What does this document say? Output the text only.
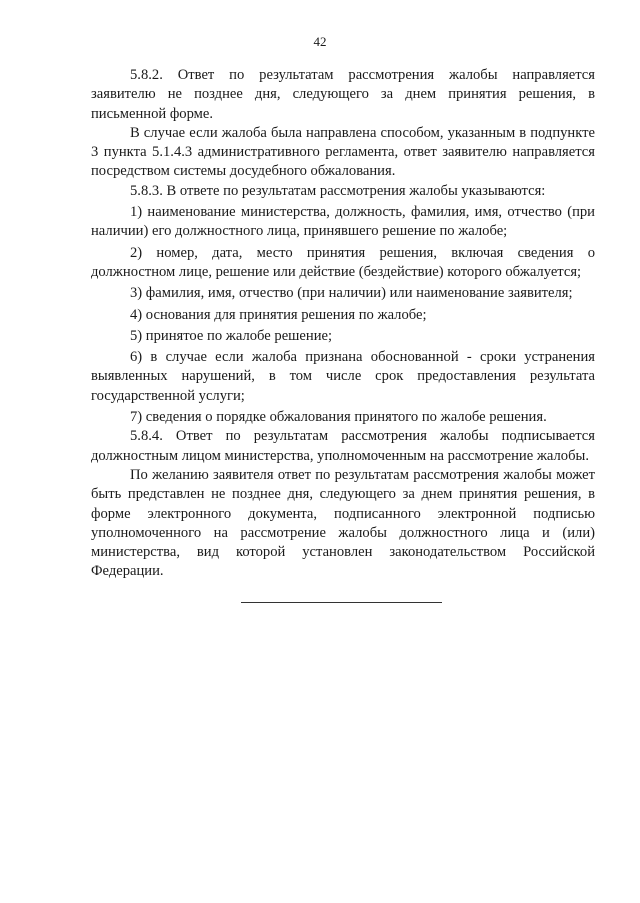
42

5.8.2. Ответ по результатам рассмотрения жалобы направляется заявителю не позднее дня, следующего за днем принятия решения, в письменной форме.

В случае если жалоба была направлена способом, указанным в подпункте 3 пункта 5.1.4.3 административного регламента, ответ заявителю направляется посредством системы досудебного обжалования.

5.8.3. В ответе по результатам рассмотрения жалобы указываются:

1) наименование министерства, должность, фамилия, имя, отчество (при наличии) его должностного лица, принявшего решение по жалобе;

2) номер, дата, место принятия решения, включая сведения о должностном лице, решение или действие (бездействие) которого обжалуется;

3) фамилия, имя, отчество (при наличии) или наименование заявителя;

4) основания для принятия решения по жалобе;

5) принятое по жалобе решение;

6) в случае если жалоба признана обоснованной - сроки устранения выявленных нарушений, в том числе срок предоставления результата государственной услуги;

7) сведения о порядке обжалования принятого по жалобе решения.

5.8.4. Ответ по результатам рассмотрения жалобы подписывается должностным лицом министерства, уполномоченным на рассмотрение жалобы.

По желанию заявителя ответ по результатам рассмотрения жалобы может быть представлен не позднее дня, следующего за днем принятия решения, в форме электронного документа, подписанного электронной подписью уполномоченного на рассмотрение жалобы должностного лица и (или) министерства, вид которой установлен законодательством Российской Федерации.
